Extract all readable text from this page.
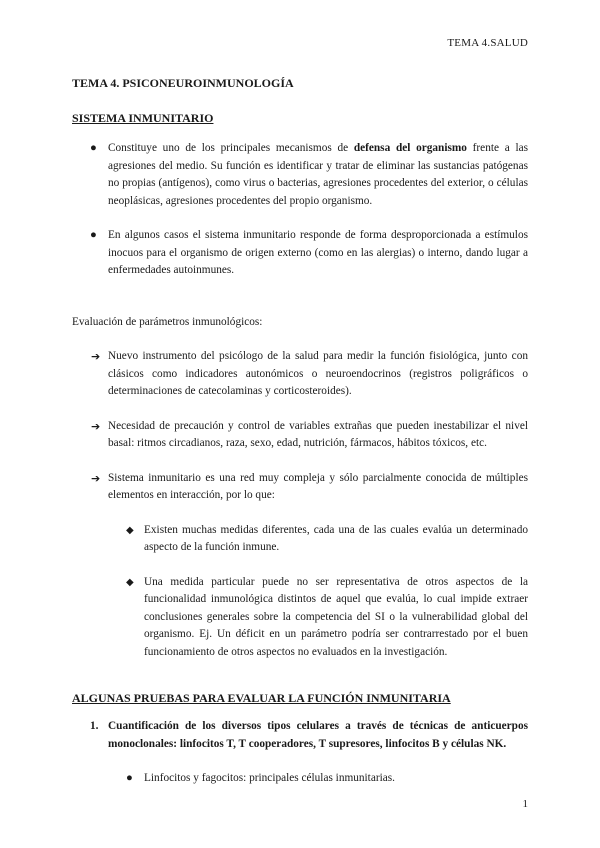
TEMA 4.SALUD

TEMA 4. PSICONEUROINMUNOLOGÍA

SISTEMA INMUNITARIO

● Constituye uno de los principales mecanismos de defensa del organismo frente a las agresiones del medio. Su función es identificar y tratar de eliminar las sustancias patógenas no propias (antígenos), como virus o bacterias, agresiones procedentes del exterior, o células neoplásicas, agresiones procedentes del propio organismo.

● En algunos casos el sistema inmunitario responde de forma desproporcionada a estímulos inocuos para el organismo de origen externo (como en las alergias) o interno, dando lugar a enfermedades autoinmunes.

Evaluación de parámetros inmunológicos:

➔ Nuevo instrumento del psicólogo de la salud para medir la función fisiológica, junto con clásicos como indicadores autonómicos o neuroendocrinos (registros poligráficos o determinaciones de catecolaminas y corticosteroides).

➔ Necesidad de precaución y control de variables extrañas que pueden inestabilizar el nivel basal: ritmos circadianos, raza, sexo, edad, nutrición, fármacos, hábitos tóxicos, etc.

➔ Sistema inmunitario es una red muy compleja y sólo parcialmente conocida de múltiples elementos en interacción, por lo que:

◆ Existen muchas medidas diferentes, cada una de las cuales evalúa un determinado aspecto de la función inmune.

◆ Una medida particular puede no ser representativa de otros aspectos de la funcionalidad inmunológica distintos de aquel que evalúa, lo cual impide extraer conclusiones generales sobre la competencia del SI o la vulnerabilidad global del organismo. Ej. Un déficit en un parámetro podría ser contrarrestado por el buen funcionamiento de otros aspectos no evaluados en la investigación.

ALGUNAS PRUEBAS PARA EVALUAR LA FUNCIÓN INMUNITARIA

1. Cuantificación de los diversos tipos celulares a través de técnicas de anticuerpos monoclonales: linfocitos T, T cooperadores, T supresores, linfocitos B y células NK.

● Linfocitos y fagocitos: principales células inmunitarias.

1
